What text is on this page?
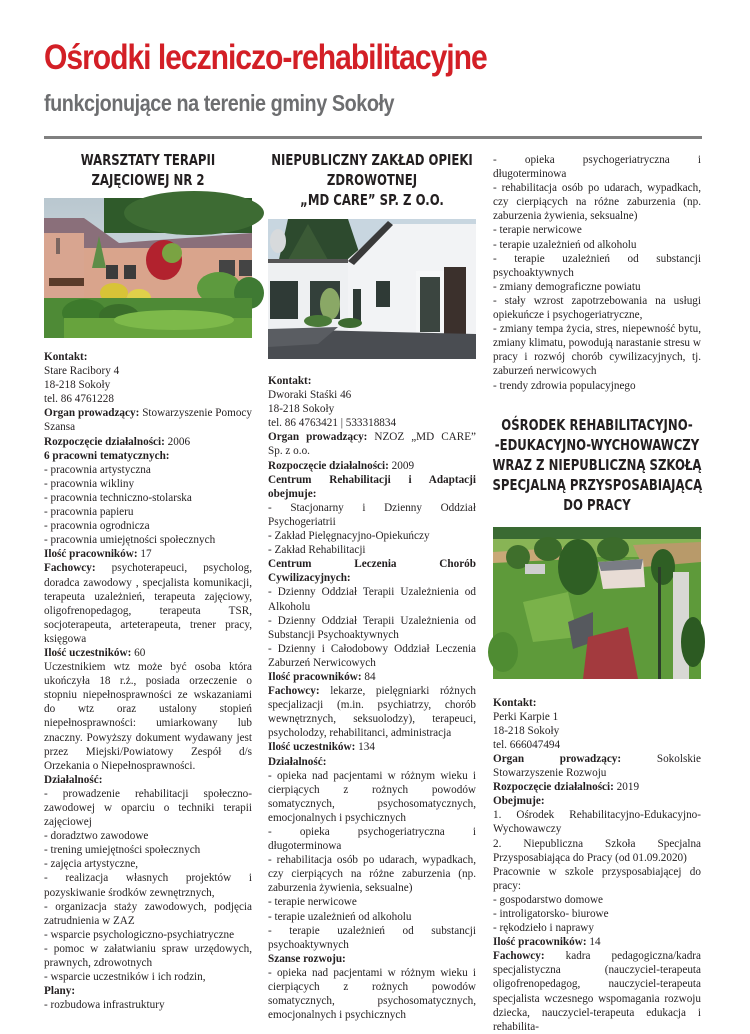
Ośrodki leczniczo-rehabilitacyjne
funkcjonujące na terenie gminy Sokoły
WARSZTATY TERAPII
ZAJĘCIOWEJ NR 2

Kontakt:

Stare Racibory 4

18-218 Sokoły

tel. 86 4761228

Organ prowadzący: Stowarzyszenie Pomocy Szansa

Rozpoczęcie działalności: 2006

6 pracowni tematycznych:

- pracownia artystyczna

- pracownia wikliny

- pracownia techniczno-stolarska

- pracownia papieru

- pracownia ogrodnicza

- pracownia umiejętności społecznych

Ilość pracowników: 17

Fachowcy: psychoterapeuci, psycholog, doradca zawodowy , specjalista komunikacji, terapeuta uzależnień, terapeuta zajęciowy, oligofrenopedagog, terapeuta TSR, socjoterapeuta, arteterapeuta, trener pracy, księgowa

Ilość uczestników: 60

Uczestnikiem wtz może być osoba która ukończyła 18 r.ż., posiada orzeczenie o stopniu niepełnosprawności ze wskazaniami do wtz oraz ustalony stopień niepełnosprawności: umiarkowany lub znaczny. Powyższy dokument wydawany jest przez Miejski/Powiatowy Zespół d/s Orzekania o Niepełnosprawności.

Działalność:

- prowadzenie rehabilitacji społeczno-zawodowej w oparciu o techniki terapii zajęciowej

- doradztwo zawodowe

- trening umiejętności społecznych

- zajęcia artystyczne,

- realizacja własnych projektów i pozyskiwanie środków zewnętrznych,

- organizacja staży zawodowych, podjęcia zatrudnienia w ZAZ

- wsparcie psychologiczno-psychiatryczne

- pomoc w załatwianiu spraw urzędowych, prawnych, zdrowotnych

- wsparcie uczestników i ich rodzin,

Plany:

- rozbudowa infrastruktury

NIEPUBLICZNY ZAKŁAD OPIEKI
ZDROWOTNEJ
„MD CARE” SP. Z O.O.

Kontakt:

Dworaki Staśki 46

18-218 Sokoły

tel. 86 4763421 | 533318834

Organ prowadzący: NZOZ „MD CARE” Sp. z o.o.

Rozpoczęcie działalności: 2009

Centrum Rehabilitacji i Adaptacji obejmuje:

- Stacjonarny i Dzienny Oddział Psychogeriatrii

- Zakład Pielęgnacyjno-Opiekuńczy

- Zakład Rehabilitacji

Centrum Leczenia Chorób Cywilizacyjnych:

- Dzienny Oddział Terapii Uzależnienia od Alkoholu

- Dzienny Oddział Terapii Uzależnienia od Substancji Psychoaktywnych

- Dzienny i Całodobowy Oddział Leczenia Zaburzeń Nerwicowych

Ilość pracowników: 84

Fachowcy: lekarze, pielęgniarki różnych specjalizacji (m.in. psychiatrzy, chorób wewnętrznych, seksuolodzy), terapeuci, psycholodzy, rehabilitanci, administracja

Ilość uczestników: 134

Działalność:

- opieka nad pacjentami w różnym wieku i cierpiących z rożnych powodów somatycznych, psychosomatycznych, emocjonalnych i psychicznych

- opieka psychogeriatryczna i długoterminowa

- rehabilitacja osób po udarach, wypadkach, czy cierpiących na różne zaburzenia (np. zaburzenia żywienia, seksualne)

- terapie nerwicowe

- terapie uzależnień od alkoholu

- terapie uzależnień od substancji psychoaktywnych

Szanse rozwoju:

- opieka nad pacjentami w różnym wieku i cierpiących z rożnych powodów somatycznych, psychosomatycznych, emocjonalnych i psychicznych

- opieka psychogeriatryczna i długoterminowa

- rehabilitacja osób po udarach, wypadkach, czy cierpiących na różne zaburzenia (np. zaburzenia żywienia, seksualne)

- terapie nerwicowe

- terapie uzależnień od alkoholu

- terapie uzależnień od substancji psychoaktywnych

- zmiany demograficzne powiatu

- stały wzrost zapotrzebowania na usługi opiekuńcze i psychogeriatryczne,

- zmiany tempa życia, stres, niepewność bytu, zmiany klimatu, powodują narastanie stresu w pracy i rozwój chorób cywilizacyjnych, tj. zaburzeń nerwicowych

- trendy zdrowia populacyjnego

OŚRODEK REHABILITACYJNO-
-EDUKACYJNO-WYCHOWAWCZY
WRAZ Z NIEPUBLICZNĄ SZKOŁĄ
SPECJALNĄ PRZYSPOSABIAJĄCĄ
DO PRACY

Kontakt:

Perki Karpie 1

18-218 Sokoły

tel. 666047494

Organ prowadzący:	Sokolskie Stowarzyszenie Rozwoju

Rozpoczęcie działalności: 2019

Obejmuje:

1. Ośrodek Rehabilitacyjno-Edukacyjno-Wychowawczy

2. Niepubliczna Szkoła Specjalna Przysposabiająca do Pracy (od 01.09.2020)

Pracownie w szkole przysposabiającej do pracy:

- gospodarstwo domowe

- introligatorsko- biurowe

- rękodzieło i naprawy

Ilość pracowników: 14

Fachowcy: kadra pedagogiczna/kadra specjalistyczna (nauczyciel-terapeuta oligofrenopedagog, nauczyciel-terapeuta specjalista wczesnego wspomagania rozwoju dziecka, nauczyciel-terapeuta edukacja i rehabilita-
